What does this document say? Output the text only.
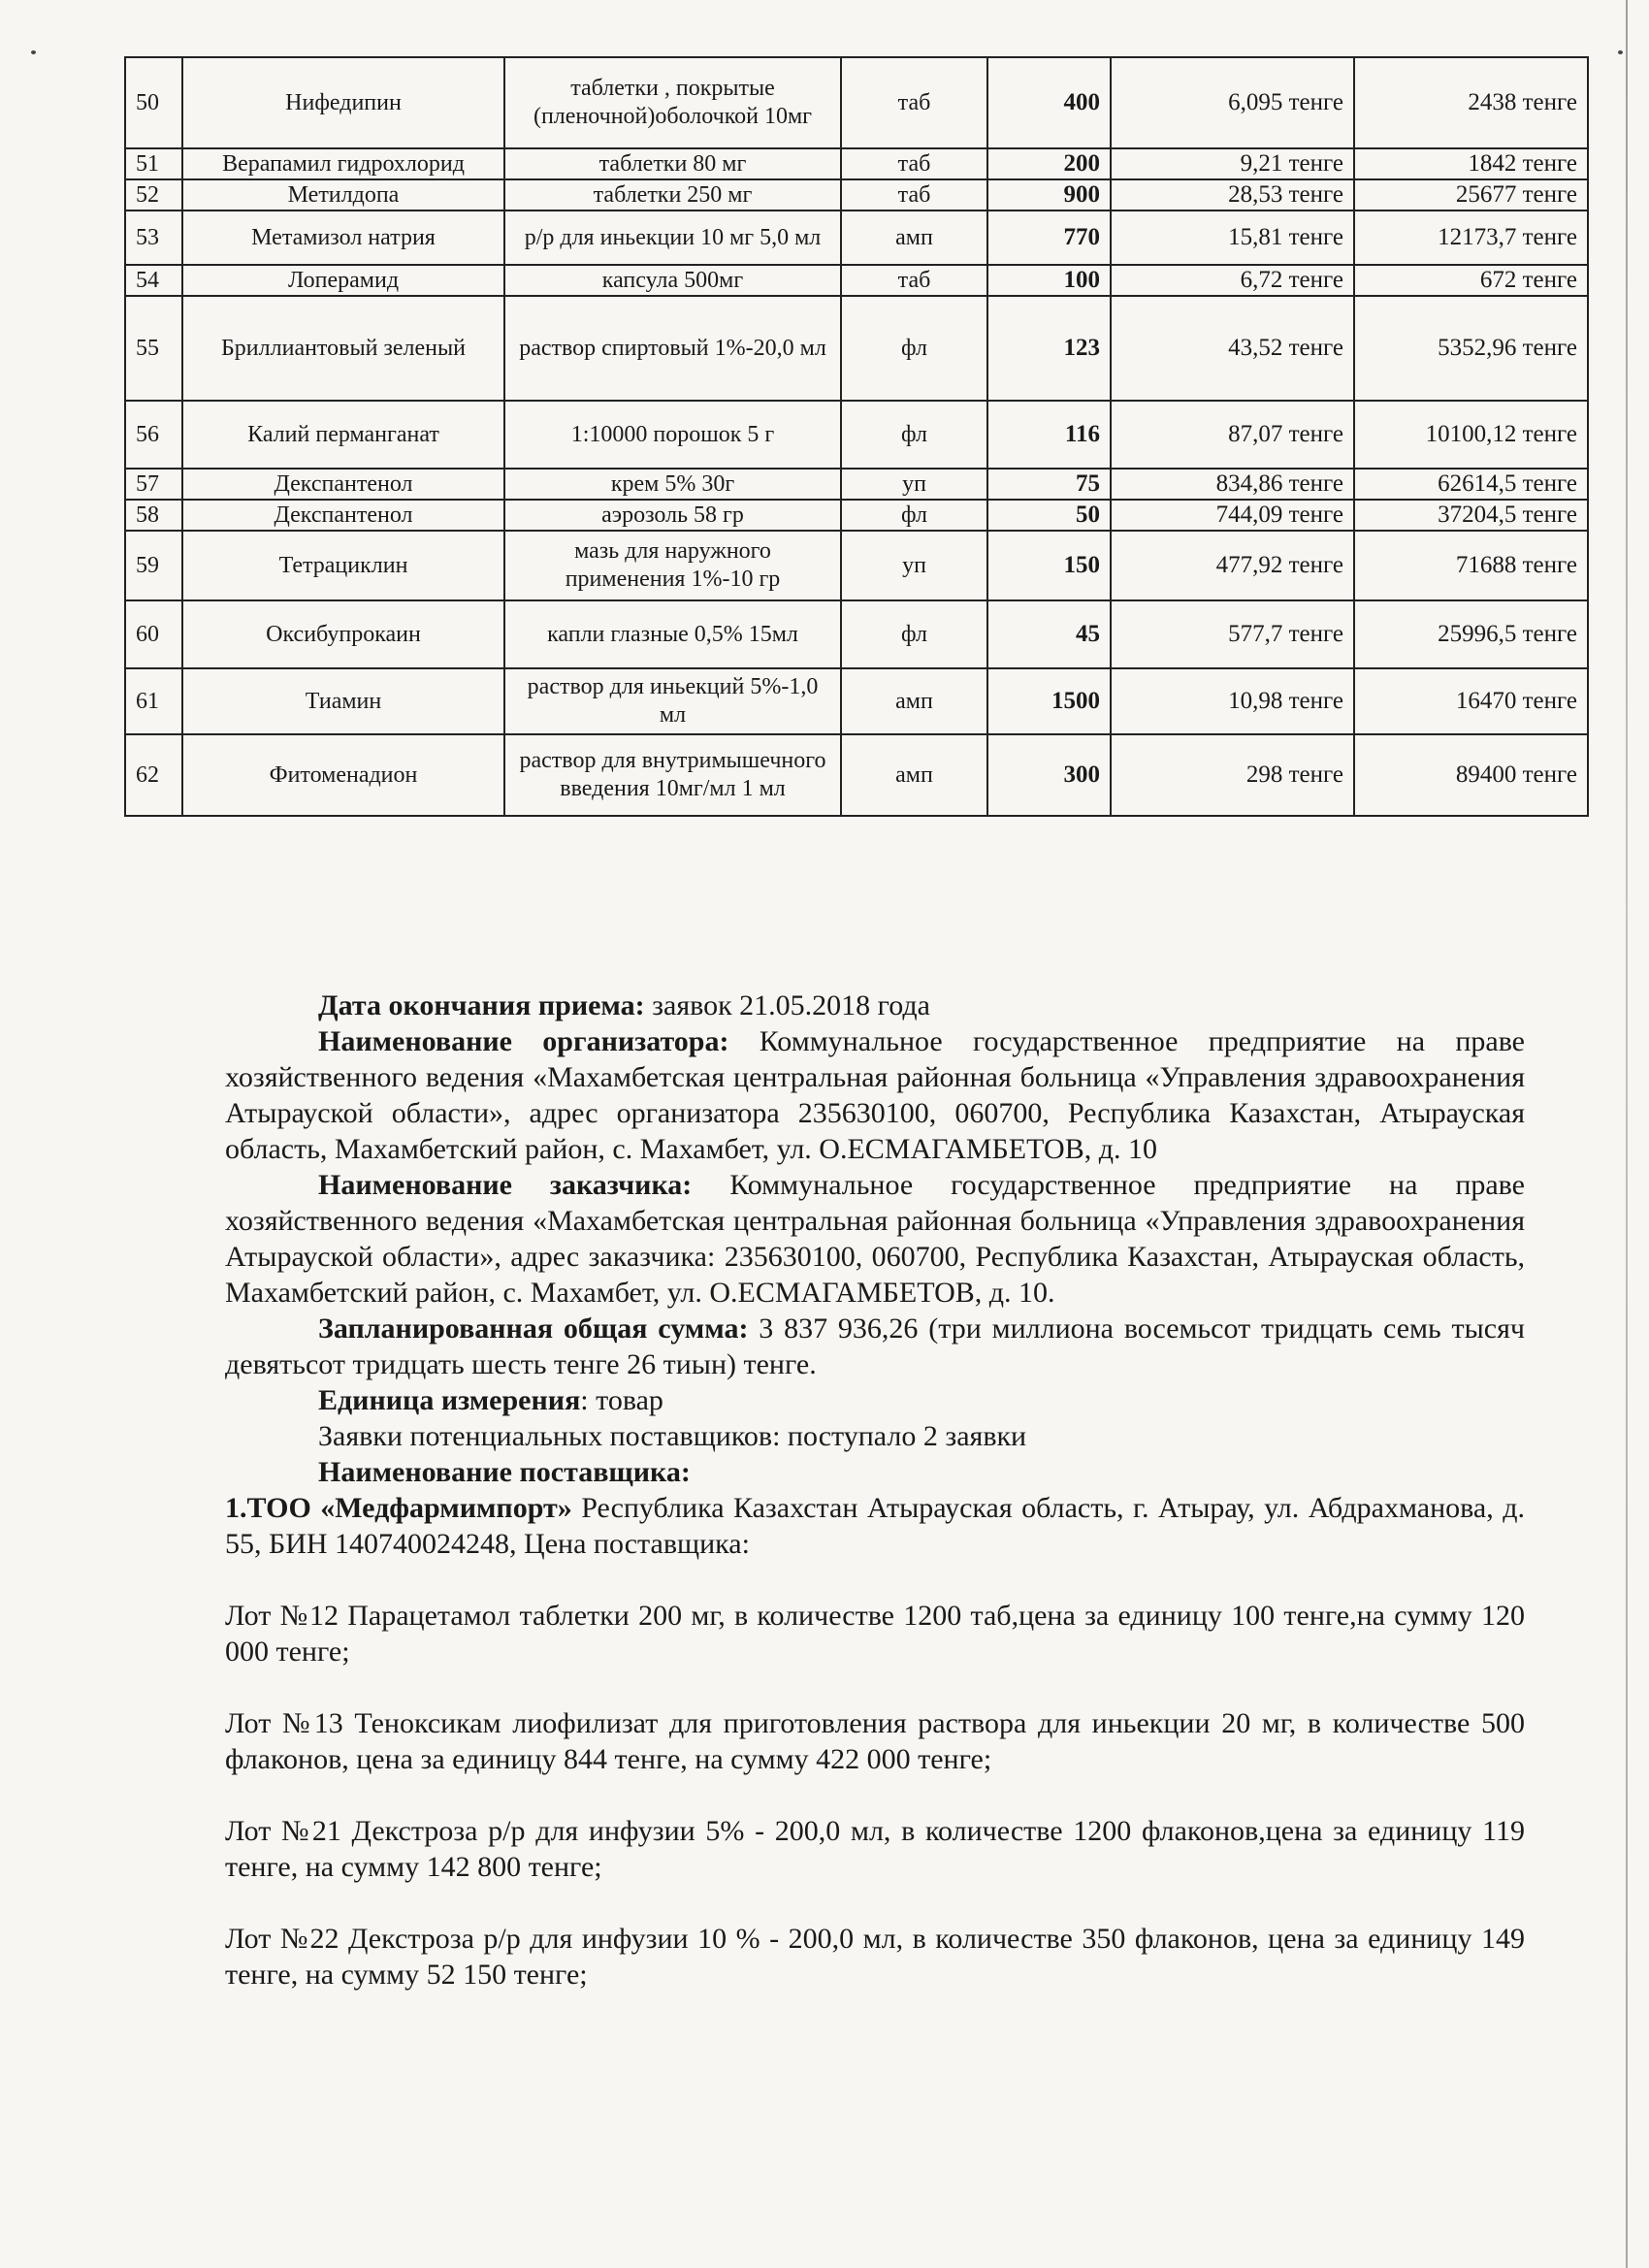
50	Нифедипин	таблетки , покрытые (пленочной)оболочкой 10мг	таб	400	6,095 тенге	2438 тенге
51	Верапамил гидрохлорид	таблетки 80 мг	таб	200	9,21 тенге	1842 тенге
52	Метилдопа	таблетки 250 мг	таб	900	28,53 тенге	25677 тенге
53	Метамизол натрия	р/р для иньекции 10 мг 5,0 мл	амп	770	15,81 тенге	12173,7 тенге
54	Лоперамид	капсула 500мг	таб	100	6,72 тенге	672 тенге
55	Бриллиантовый зеленый	раствор спиртовый 1%-20,0 мл	фл	123	43,52 тенге	5352,96 тенге
56	Калий перманганат	1:10000 порошок 5 г	фл	116	87,07 тенге	10100,12 тенге
57	Декспантенол	крем 5% 30г	уп	75	834,86 тенге	62614,5 тенге
58	Декспантенол	аэрозоль 58 гр	фл	50	744,09 тенге	37204,5 тенге
59	Тетрациклин	мазь для наружного применения 1%-10 гр	уп	150	477,92 тенге	71688 тенге
60	Оксибупрокаин	капли глазные 0,5% 15мл	фл	45	577,7 тенге	25996,5 тенге
61	Тиамин	раствор для иньекций 5%-1,0 мл	амп	1500	10,98 тенге	16470 тенге
62	Фитоменадион	раствор для внутримышечного введения 10мг/мл 1 мл	амп	300	298 тенге	89400 тенге

Дата окончания приема: заявок 21.05.2018 года

Наименование организатора: Коммунальное государственное предприятие на праве хозяйственного ведения «Махамбетская центральная районная больница «Управления здравоохранения Атырауской области», адрес организатора 235630100, 060700, Республика Казахстан, Атырауская область, Махамбетский район, с. Махамбет, ул. О.ЕСМАГАМБЕТОВ, д. 10

Наименование заказчика: Коммунальное государственное предприятие на праве хозяйственного ведения «Махамбетская центральная районная больница «Управления здравоохранения Атырауской области», адрес заказчика: 235630100, 060700, Республика Казахстан, Атырауская область, Махамбетский район, с. Махамбет, ул. О.ЕСМАГАМБЕТОВ, д. 10.

Запланированная общая сумма: 3 837 936,26 (три миллиона восемьсот тридцать семь тысяч девятьсот тридцать шесть тенге 26 тиын) тенге.

Единица измерения: товар

Заявки потенциальных поставщиков: поступало 2 заявки

Наименование поставщика:

1.ТОО «Медфармимпорт» Республика Казахстан Атырауская область, г. Атырау, ул. Абдрахманова, д. 55, БИН 140740024248, Цена поставщика:

Лот №12 Парацетамол таблетки 200 мг, в количестве 1200 таб,цена за единицу 100 тенге,на сумму 120 000 тенге;

Лот №13 Теноксикам лиофилизат для приготовления раствора для иньекции 20 мг, в количестве 500 флаконов, цена за единицу 844 тенге, на сумму 422 000 тенге;

Лот №21 Декстроза р/р для инфузии 5% - 200,0 мл, в количестве 1200 флаконов,цена за единицу 119 тенге, на сумму 142 800 тенге;

Лот №22 Декстроза р/р для инфузии 10 % - 200,0 мл, в количестве 350 флаконов, цена за единицу 149 тенге, на сумму 52 150 тенге;
